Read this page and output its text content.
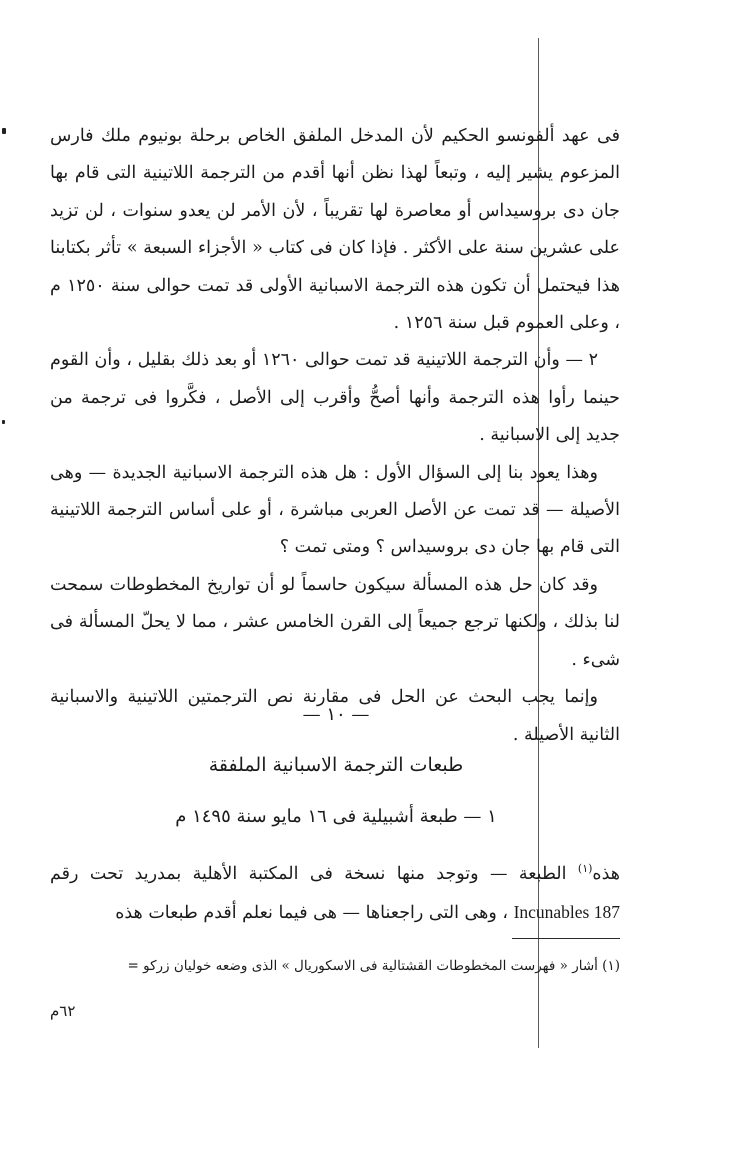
فى عهد ألفونسو الحكيم لأن المدخل الملفق الخاص برحلة بونيوم ملك فارس المزعوم يشير إليه ، وتبعاً لهذا نظن أنها أقدم من الترجمة اللاتينية التى قام بها جان دى بروسيداس أو معاصرة لها تقريباً ، لأن الأمر لن يعدو سنوات ، لن تزيد على عشرين سنة على الأكثر . فإذا كان فى كتاب « الأجزاء السبعة » تأثر بكتابنا هذا فيحتمل أن تكون هذه الترجمة الاسبانية الأولى قد تمت حوالى سنة ١٢٥٠ م ، وعلى العموم قبل سنة ١٢٥٦ .

٢ — وأن الترجمة اللاتينية قد تمت حوالى ١٢٦٠ أو بعد ذلك بقليل ، وأن القوم حينما رأوا هذه الترجمة وأنها أصحُّ وأقرب إلى الأصل ، فكَّروا فى ترجمة من جديد إلى الاسبانية .

وهذا يعود بنا إلى السؤال الأول : هل هذه الترجمة الاسبانية الجديدة — وهى الأصيلة — قد تمت عن الأصل العربى مباشرة ، أو على أساس الترجمة اللاتينية التى قام بها جان دى بروسيداس ؟ ومتى تمت ؟

وقد كان حل هذه المسألة سيكون حاسماً لو أن تواريخ المخطوطات سمحت لنا بذلك ، ولكنها ترجع جميعاً إلى القرن الخامس عشر ، مما لا يحلّ المسألة فى شىء .

وإنما يجب البحث عن الحل فى مقارنة نص الترجمتين اللاتينية والاسبانية الثانية الأصيلة .

— ١٠ —
طبعات الترجمة الاسبانية الملفقة
١ — طبعة أشبيلية فى ١٦ مايو سنة ١٤٩٥ م

هذه$^{(١)}$ الطبعة — وتوجد منها نسخة فى المكتبة الأهلية بمدريد تحت رقم Incunables 187 ، وهى التى راجعناها — هى فيما نعلم أقدم طبعات هذه

(١) أشار « فهرست المخطوطات القشتالية فى الاسكوريال » الذى وضعه خوليان زركو =
٦٢م
